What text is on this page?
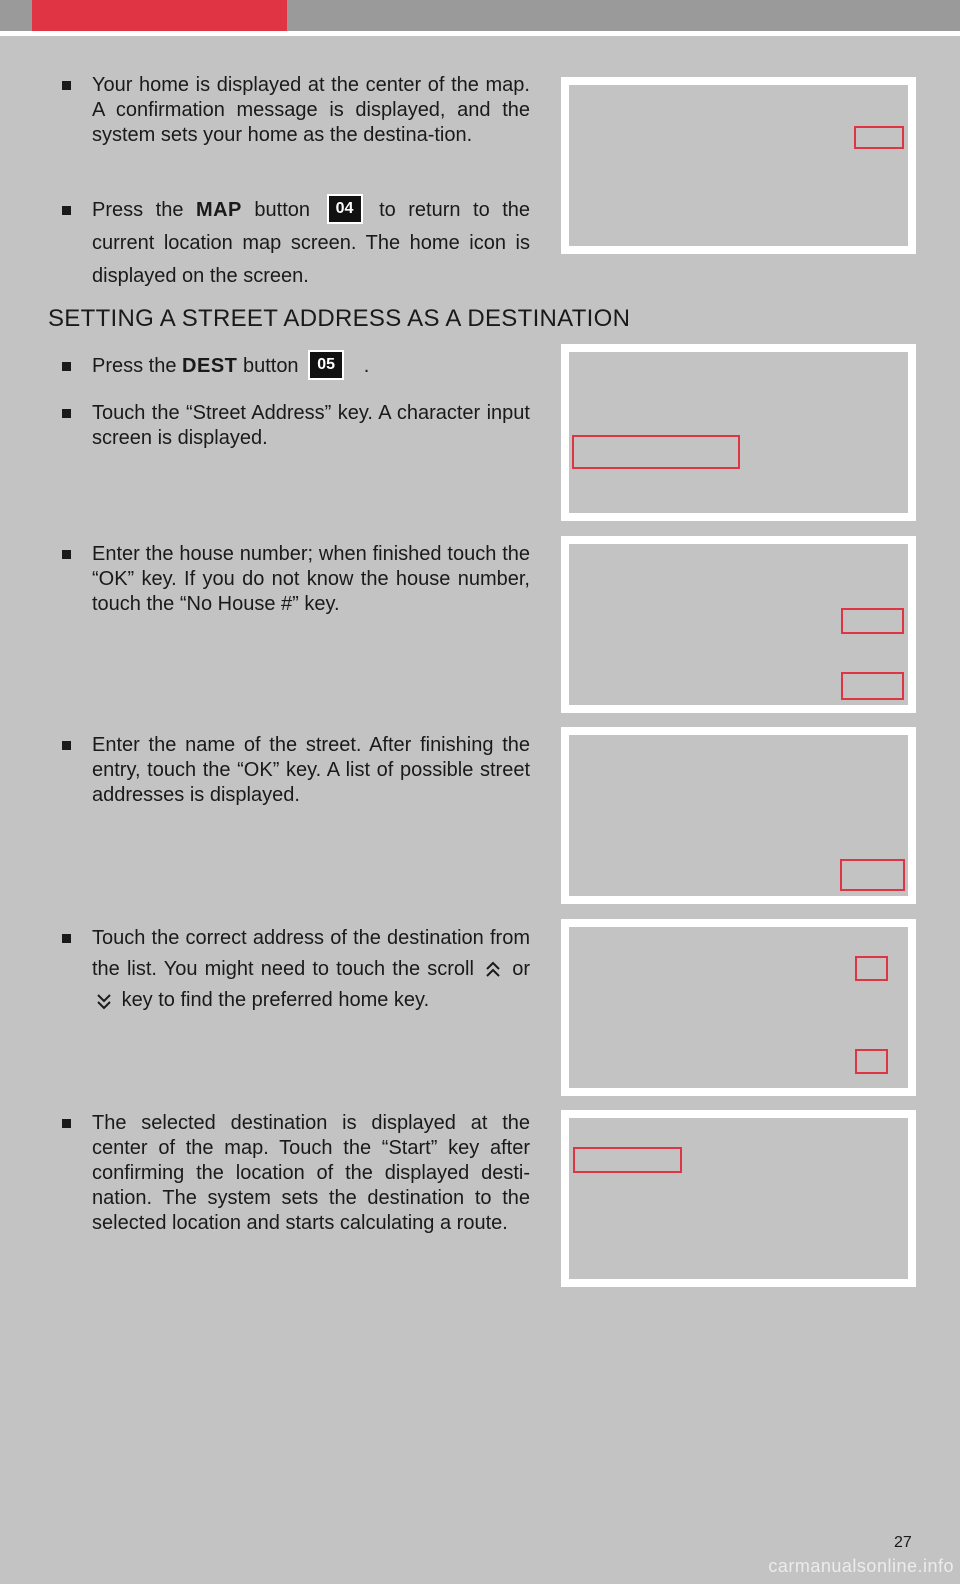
Your home is displayed at the center of the map. A confirmation message is displayed, and the system sets your home as the destina-tion.
Press the MAP button 04 to return to the current location map screen. The home icon is displayed on the screen.
SETTING A STREET ADDRESS AS A DESTINATION
Press the DEST button 05 .
Touch the “Street Address” key. A character input screen is displayed.
Enter the house number; when finished touch the “OK” key. If you do not know the house number, touch the “No House #” key.
Enter the name of the street. After finishing the entry, touch the “OK” key. A list of possible street addresses is displayed.
Touch the correct address of the destination from the list. You might need to touch the scroll or  key to find the preferred home key.
The selected destination is displayed at the center of the map. Touch the “Start” key after confirming the location of the displayed desti-nation. The system sets the destination to the selected location and starts calculating a route.
27
carmanualsonline.info
